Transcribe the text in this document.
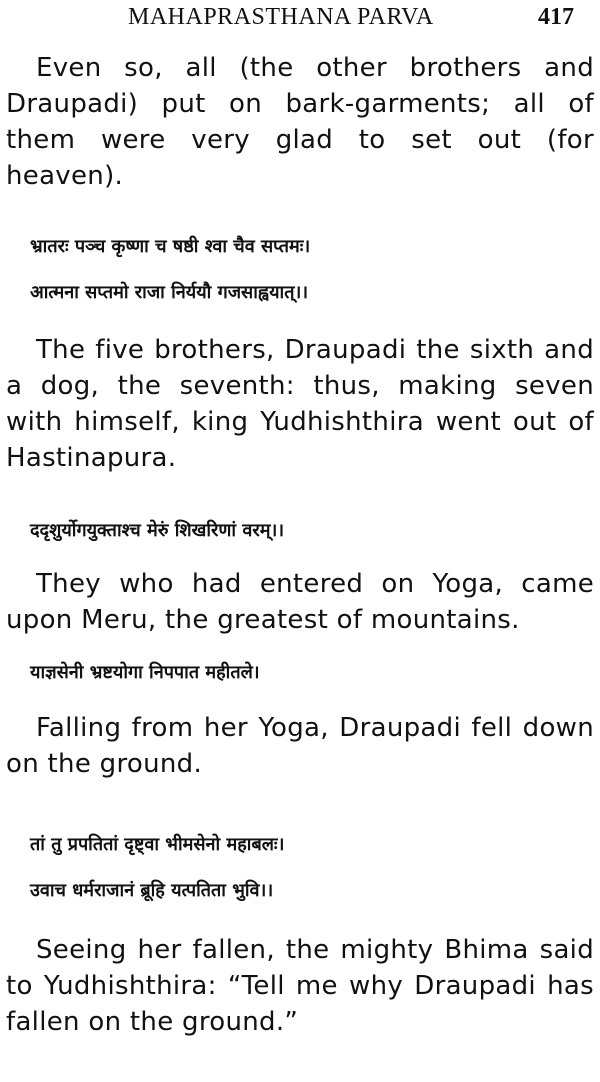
MAHAPRASTHANA PARVA	417

Even so, all (the other brothers and Draupadi) put on bark-garments; all of them were very glad to set out (for heaven).

भ्रातरः पञ्च कृष्णा च षष्ठी श्वा चैव सप्तमः।
आत्मना सप्तमो राजा निर्ययौ गजसाह्वयात्।।

The five brothers, Draupadi the sixth and a dog, the seventh: thus, making seven with himself, king Yudhishthira went out of Hastinapura.

ददृशुर्योगयुक्ताश्च मेरुं शिखरिणां वरम्।।

They who had entered on Yoga, came upon Meru, the greatest of mountains.

याज्ञसेनी भ्रष्टयोगा निपपात महीतले।

Falling from her Yoga, Draupadi fell down on the ground.

तां तु प्रपतितां दृष्ट्वा भीमसेनो महाबलः।
उवाच धर्मराजानं ब्रूहि यत्पतिता भुवि।।

Seeing her fallen, the mighty Bhima said to Yudhishthira: “Tell me why Draupadi has fallen on the ground.”
